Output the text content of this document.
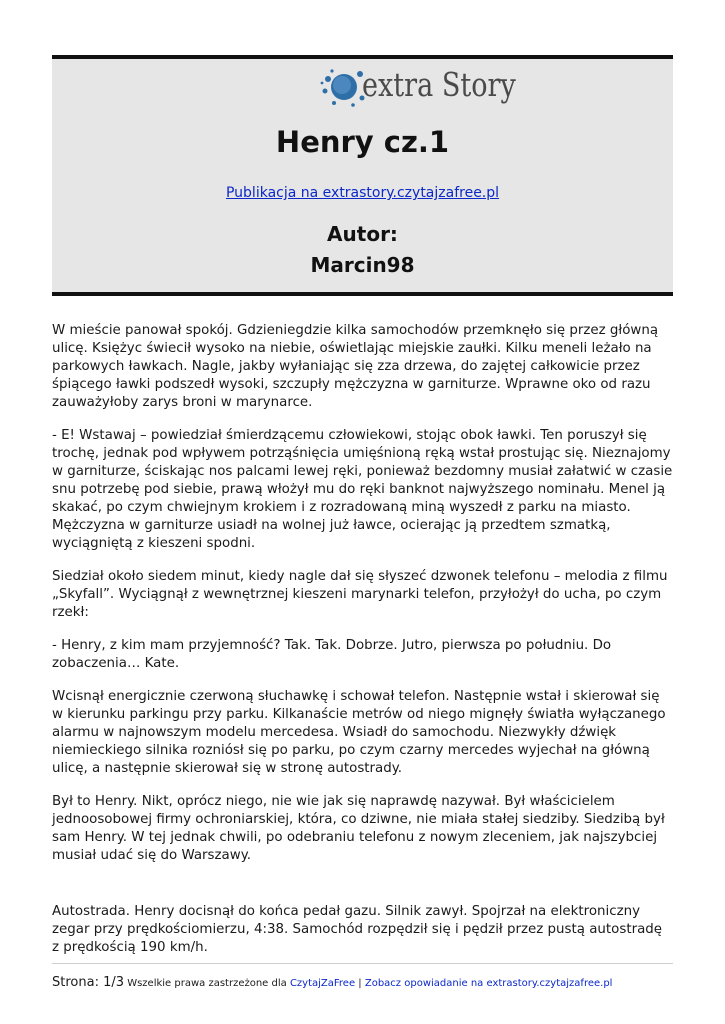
extra Story
Henry cz.1
Publikacja na extrastory.czytajzafree.pl
Autor:
Marcin98

W mieście panował spokój. Gdzieniegdzie kilka samochodów przemknęło się przez główną ulicę. Księżyc świecił wysoko na niebie, oświetlając miejskie zaułki. Kilku meneli leżało na parkowych ławkach. Nagle, jakby wyłaniając się zza drzewa, do zajętej całkowicie przez śpiącego ławki podszedł wysoki, szczupły mężczyzna w garniturze. Wprawne oko od razu zauważyłoby zarys broni w marynarce.

- E! Wstawaj – powiedział śmierdzącemu człowiekowi, stojąc obok ławki. Ten poruszył się trochę, jednak pod wpływem potrząśnięcia umięśnioną ręką wstał prostując się. Nieznajomy w garniturze, ściskając nos palcami lewej ręki, ponieważ bezdomny musiał załatwić w czasie snu potrzebę pod siebie, prawą włożył mu do ręki banknot najwyższego nominału. Menel ją skakać, po czym chwiejnym krokiem i z rozradowaną miną wyszedł z parku na miasto. Mężczyzna w garniturze usiadł na wolnej już ławce, ocierając ją przedtem szmatką, wyciągniętą z kieszeni spodni.

Siedział około siedem minut, kiedy nagle dał się słyszeć dzwonek telefonu – melodia z filmu „Skyfall”. Wyciągnął z wewnętrznej kieszeni marynarki telefon, przyłożył do ucha, po czym rzekł:

- Henry, z kim mam przyjemność? Tak. Tak. Dobrze. Jutro, pierwsza po południu. Do zobaczenia… Kate.

Wcisnął energicznie czerwoną słuchawkę i schował telefon. Następnie wstał i skierował się w kierunku parkingu przy parku. Kilkanaście metrów od niego mignęły światła wyłączanego alarmu w najnowszym modelu mercedesa. Wsiadł do samochodu. Niezwykły dźwięk niemieckiego silnika rozniósł się po parku, po czym czarny mercedes wyjechał na główną ulicę, a następnie skierował się w stronę autostrady.

Był to Henry. Nikt, oprócz niego, nie wie jak się naprawdę nazywał. Był właścicielem jednoosobowej firmy ochroniarskiej, która, co dziwne, nie miała stałej siedziby. Siedzibą był sam Henry. W tej jednak chwili, po odebraniu telefonu z nowym zleceniem, jak najszybciej musiał udać się do Warszawy.

Autostrada. Henry docisnął do końca pedał gazu. Silnik zawył. Spojrzał na elektroniczny zegar przy prędkościomierzu, 4:38. Samochód rozpędził się i pędził przez pustą autostradę z prędkością 190 km/h.

Strona: 1/3 Wszelkie prawa zastrzeżone dla CzytajZaFree | Zobacz opowiadanie na extrastory.czytajzafree.pl
